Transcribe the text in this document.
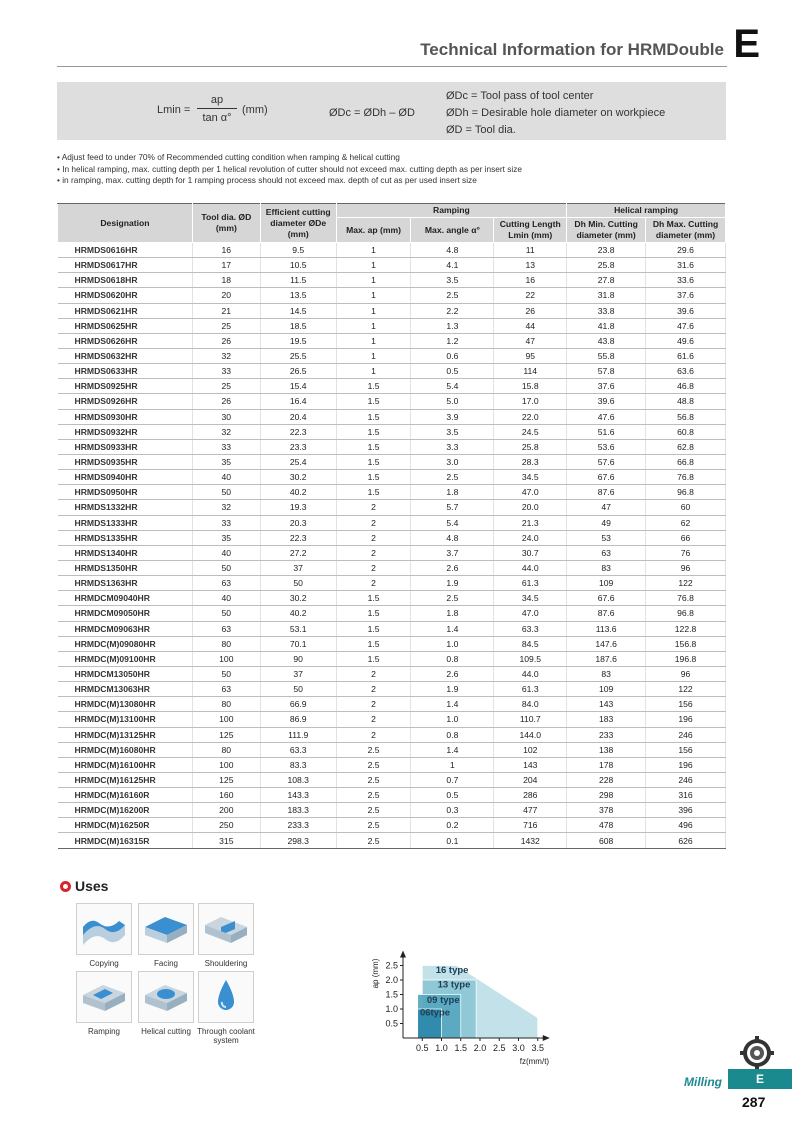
Technical Information for HRMDouble E
$Lmin = \frac{ap}{\text{tan α°}} (mm)$	ØDc = ØDh – ØD
ØDc = Tool pass of tool center
ØDh = Desirable hole diameter on workpiece
ØD = Tool dia.
• Adjust feed to under 70% of Recommended cutting condition when ramping & helical cutting
• In helical ramping, max. cutting depth per 1 helical revolution of cutter should not exceed max. cutting depth as per insert size
• in ramping, max. cutting depth for 1 ramping process should not exceed max. depth of cut as per used insert size
Designation	Tool dia. ØD (mm)	Efficient cutting diameter ØDe (mm)	Ramping			Helical ramping	
			Max. ap (mm)	Max. angle α°	Cutting Length Lmin (mm)	Dh Min. Cutting diameter (mm)	Dh Max. Cutting diameter (mm)
HRMDS0616HR	16	9.5	1	4.8	11	23.8	29.6
HRMDS0617HR	17	10.5	1	4.1	13	25.8	31.6
HRMDS0618HR	18	11.5	1	3.5	16	27.8	33.6
HRMDS0620HR	20	13.5	1	2.5	22	31.8	37.6
HRMDS0621HR	21	14.5	1	2.2	26	33.8	39.6
HRMDS0625HR	25	18.5	1	1.3	44	41.8	47.6
HRMDS0626HR	26	19.5	1	1.2	47	43.8	49.6
HRMDS0632HR	32	25.5	1	0.6	95	55.8	61.6
HRMDS0633HR	33	26.5	1	0.5	114	57.8	63.6
HRMDS0925HR	25	15.4	1.5	5.4	15.8	37.6	46.8
HRMDS0926HR	26	16.4	1.5	5.0	17.0	39.6	48.8
HRMDS0930HR	30	20.4	1.5	3.9	22.0	47.6	56.8
HRMDS0932HR	32	22.3	1.5	3.5	24.5	51.6	60.8
HRMDS0933HR	33	23.3	1.5	3.3	25.8	53.6	62.8
HRMDS0935HR	35	25.4	1.5	3.0	28.3	57.6	66.8
HRMDS0940HR	40	30.2	1.5	2.5	34.5	67.6	76.8
HRMDS0950HR	50	40.2	1.5	1.8	47.0	87.6	96.8
HRMDS1332HR	32	19.3	2	5.7	20.0	47	60
HRMDS1333HR	33	20.3	2	5.4	21.3	49	62
HRMDS1335HR	35	22.3	2	4.8	24.0	53	66
HRMDS1340HR	40	27.2	2	3.7	30.7	63	76
HRMDS1350HR	50	37	2	2.6	44.0	83	96
HRMDS1363HR	63	50	2	1.9	61.3	109	122
HRMDCM09040HR	40	30.2	1.5	2.5	34.5	67.6	76.8
HRMDCM09050HR	50	40.2	1.5	1.8	47.0	87.6	96.8
HRMDCM09063HR	63	53.1	1.5	1.4	63.3	113.6	122.8
HRMDC(M)09080HR	80	70.1	1.5	1.0	84.5	147.6	156.8
HRMDC(M)09100HR	100	90	1.5	0.8	109.5	187.6	196.8
HRMDCM13050HR	50	37	2	2.6	44.0	83	96
HRMDCM13063HR	63	50	2	1.9	61.3	109	122
HRMDC(M)13080HR	80	66.9	2	1.4	84.0	143	156
HRMDC(M)13100HR	100	86.9	2	1.0	110.7	183	196
HRMDC(M)13125HR	125	111.9	2	0.8	144.0	233	246
HRMDC(M)16080HR	80	63.3	2.5	1.4	102	138	156
HRMDC(M)16100HR	100	83.3	2.5	1	143	178	196
HRMDC(M)16125HR	125	108.3	2.5	0.7	204	228	246
HRMDC(M)16160R	160	143.3	2.5	0.5	286	298	316
HRMDC(M)16200R	200	183.3	2.5	0.3	477	378	396
HRMDC(M)16250R	250	233.3	2.5	0.2	716	478	496
HRMDC(M)16315R	315	298.3	2.5	0.1	1432	608	626
Uses
Copying	Facing	Shouldering
Ramping	Helical cutting Through coolant system
0.5 1.0 1.5 2.0 2.5 3.0 3.5
0.5
1.0
1.5
2.0
2.5
fz(mm/t)
ap (mm)	16 type
13 type
09 type
06type
Milling	E
287
